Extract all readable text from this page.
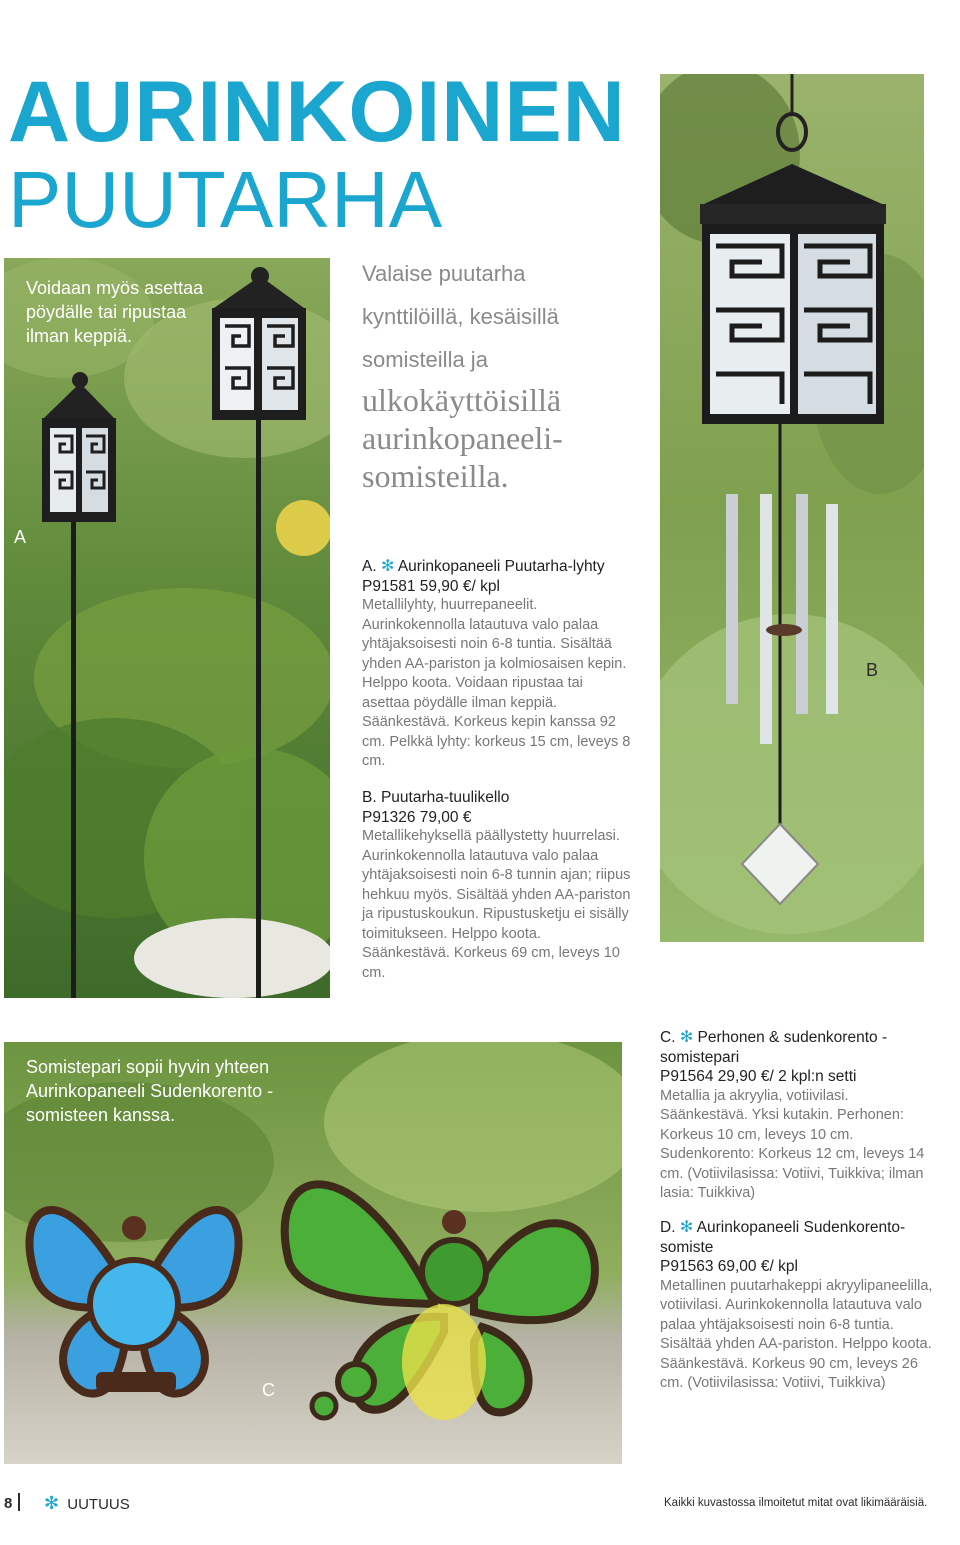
AURINKOINEN
PUUTARHA
Voidaan myös asettaa pöydälle tai ripustaa ilman keppiä.
A
Valaise puutarha
kynttilöillä, kesäisillä
somisteilla ja
ulkokäyttöisillä
aurinkopaneeli-
somisteilla.
A. ✻ Aurinkopaneeli Puutarha-lyhty
P91581 59,90 €/ kpl
Metallilyhty, huurrepaneelit. Aurinkokennolla latautuva valo palaa yhtäjaksoisesti noin 6-8 tuntia. Sisältää yhden AA-pariston ja kolmiosaisen kepin. Helppo koota. Voidaan ripustaa tai asettaa pöydälle ilman keppiä. Säänkestävä. Korkeus kepin kanssa 92 cm. Pelkkä lyhty: korkeus 15 cm, leveys 8 cm.
B
B. Puutarha-tuulikello
P91326 79,00 €
Metallikehyksellä päällystetty huurrelasi. Aurinkokennolla latautuva valo palaa yhtäjaksoisesti noin 6-8 tunnin ajan; riipus hehkuu myös. Sisältää yhden AA-pariston ja ripustuskoukun. Ripustusketju ei sisälly toimitukseen. Helppo koota. Säänkestävä. Korkeus 69 cm, leveys 10 cm.
Somistepari sopii hyvin yhteen Aurinkopaneeli Sudenkorento -somisteen kanssa.
C
C. ✻ Perhonen & sudenkorento -somistepari
P91564 29,90 €/ 2 kpl:n setti
Metallia ja akryylia, votiivilasi. Säänkestävä. Yksi kutakin. Perhonen: Korkeus 10 cm, leveys 10 cm. Sudenkorento: Korkeus 12 cm, leveys 14 cm. (Votiivilasissa: Votiivi, Tuikkiva; ilman lasia: Tuikkiva)
D. ✻ Aurinkopaneeli Sudenkorento-somiste
P91563 69,00 €/ kpl
Metallinen puutarhakeppi akryylipaneelilla, votiivilasi. Aurinkokennolla latautuva valo palaa yhtäjaksoisesti noin 6-8 tuntia. Sisältää yhden AA-pariston. Helppo koota. Säänkestävä. Korkeus 90 cm, leveys 26 cm. (Votiivilasissa: Votiivi, Tuikkiva)
8	✻ UUTUUS	Kaikki kuvastossa ilmoitetut mitat ovat likimääräisiä.
